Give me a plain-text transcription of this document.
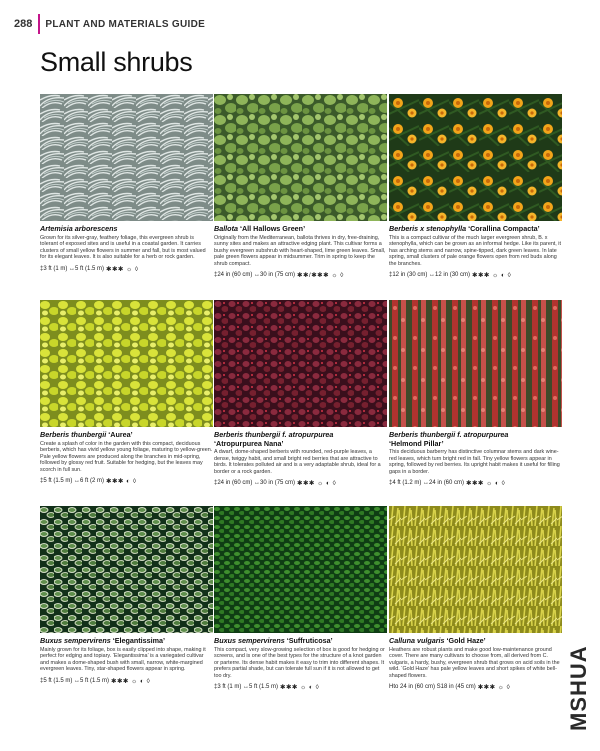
288 PLANT AND MATERIALS GUIDE
Small shrubs
Artemisia arborescens
Grown for its silver-gray, feathery foliage, this evergreen shrub is tolerant of exposed sites and is useful in a coastal garden. It carries clusters of small yellow flowers in summer and fall, but is most valued for its elegant leaves. It is also suitable for a herb or rock garden.
‡3 ft (1 m) ↔5 ft (1.5 m) ✱✱✱ ☼ ◊
Ballota ‘All Hallows Green’
Originally from the Mediterranean, ballota thrives in dry, free-draining, sunny sites and makes an attractive edging plant. This cultivar forms a bushy evergreen subshrub with heart-shaped, lime green leaves. Small, pale green flowers appear in midsummer. Trim in spring to keep the shrub compact.
‡24 in (60 cm) ↔30 in (75 cm) ✱✱/✱✱✱ ☼ ◊
Berberis x stenophylla ‘Corallina Compacta’
This is a compact cultivar of the much larger evergreen shrub, B. x stenophylla, which can be grown as an informal hedge. Like its parent, it has arching stems and narrow, spine-tipped, dark green leaves. In late spring, small clusters of pale orange flowers open from red buds along the branches.
‡12 in (30 cm) ↔12 in (30 cm) ✱✱✱ ☼ ◐ ◊
Berberis thunbergii ‘Aurea’
Create a splash of color in the garden with this compact, deciduous berberis, which has vivid yellow young foliage, maturing to yellow-green. Pale yellow flowers are produced along the branches in mid-spring, followed by glossy red fruit. Suitable for hedging, but the leaves may scorch in full sun.
‡5 ft (1.5 m) ↔6 ft (2 m) ✱✱✱ ◐ ◊
Berberis thunbergii f. atropurpurea
‘Atropurpurea Nana’
A dwarf, dome-shaped berberis with rounded, red-purple leaves, a dense, twiggy habit, and small bright red berries that are attractive to birds. It tolerates polluted air and is a very adaptable shrub, ideal for a border or a rock garden.
‡24 in (60 cm) ↔30 in (75 cm) ✱✱✱ ☼ ◐ ◊
Berberis thunbergii f. atropurpurea
‘Helmond Pillar’
This deciduous barberry has distinctive columnar stems and dark wine-red leaves, which turn bright red in fall. Tiny yellow flowers appear in spring, followed by red berries. Its upright habit makes it useful for filling gaps in a border.
‡4 ft (1.2 m) ↔24 in (60 cm) ✱✱✱ ☼ ◐ ◊
Buxus sempervirens ‘Elegantissima’
Mainly grown for its foliage, box is easily clipped into shape, making it perfect for edging and topiary. ‘Elegantissima’ is a variegated cultivar and makes a dome-shaped bush with small, narrow, white-margined evergreen leaves. Tiny, star-shaped flowers appear in spring.
‡5 ft (1.5 m) ↔5 ft (1.5 m) ✱✱✱ ☼ ◐ ◊
Buxus sempervirens ‘Suffruticosa’
This compact, very slow-growing selection of box is good for hedging or screens, and is one of the best types for the structure of a knot garden or parterre. Its dense habit makes it easy to trim into different shapes. It prefers partial shade, but can tolerate full sun if it is not allowed to get too dry.
‡3 ft (1 m) ↔5 ft (1.5 m) ✱✱✱ ☼ ◐ ◊
Calluna vulgaris ‘Gold Haze’
Heathers are robust plants and make good low-maintenance ground cover. There are many cultivars to choose from, all derived from C. vulgaris, a hardy, bushy, evergreen shrub that grows on acid soils in the wild. ‘Gold Haze’ has pale yellow leaves and short spikes of white bell-shaped flowers.
Hto 24 in (60 cm) S18 in (45 cm) ✱✱✱ ☼ ◊	MSHUA
